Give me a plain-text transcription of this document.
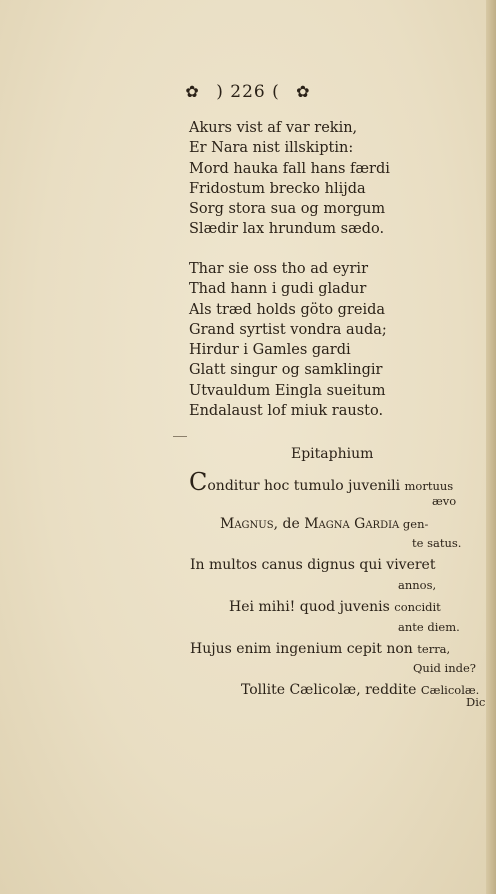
✿ ) 226 ( ✿
Akurs vist af var rekin,
Er Nara nist illskiptin:
Mord hauka fall hans færdi
Fridostum brecko hlijda
Sorg stora sua og morgum
Slædir lax hrundum sædo.
Thar sie oss tho ad eyrir
Thad hann i gudi gladur
Als træd holds göto greida
Grand syrtist vondra auda;
Hirdur i Gamles gardi
Glatt singur og samklingir
Utvauldum Eingla sueitum
Endalaust lof miuk rausto.
Epitaphium
Conditur hoc tumulo juvenili mortuus
ævo
Magnus, de Magna Gardia gen-
te satus.
In multos canus dignus qui viveret
annos,
Hei mihi! quod juvenis concidit
ante diem.
Hujus enim ingenium cepit non terra,
Quid inde?
Tollite Cælicolæ, reddite Cælicolæ.
Dic
